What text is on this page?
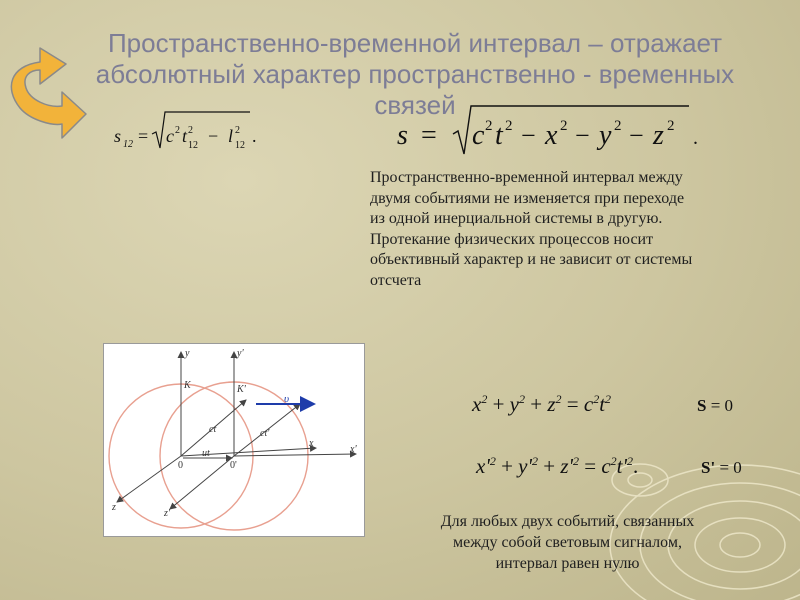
Пространственно-временной интервал – отражает
абсолютный характер пространственно - временных
связей
s 12 = c 2 t 2
12 − l 2
12 .	s = c 2 t 2 − x 2 − y 2 − z 2
.
Пространственно-временной интервал между
двумя событиями не изменяется при переходе
из одной инерциальной системы в другую.
Протекание физических процессов носит
объективный характер и не зависит от системы
отсчета
y	y'
K	K'
υ
ct	ct'
x
x'
ut
0	0'
z
z'
$x^2 + y^2 + z^2 = c^2t^2$	S = 0
$x'^2 + y'^2 + z'^2 = c^2t'^2$.	S' = 0
Для любых двух событий, связанных
между собой световым сигналом,
интервал равен нулю
